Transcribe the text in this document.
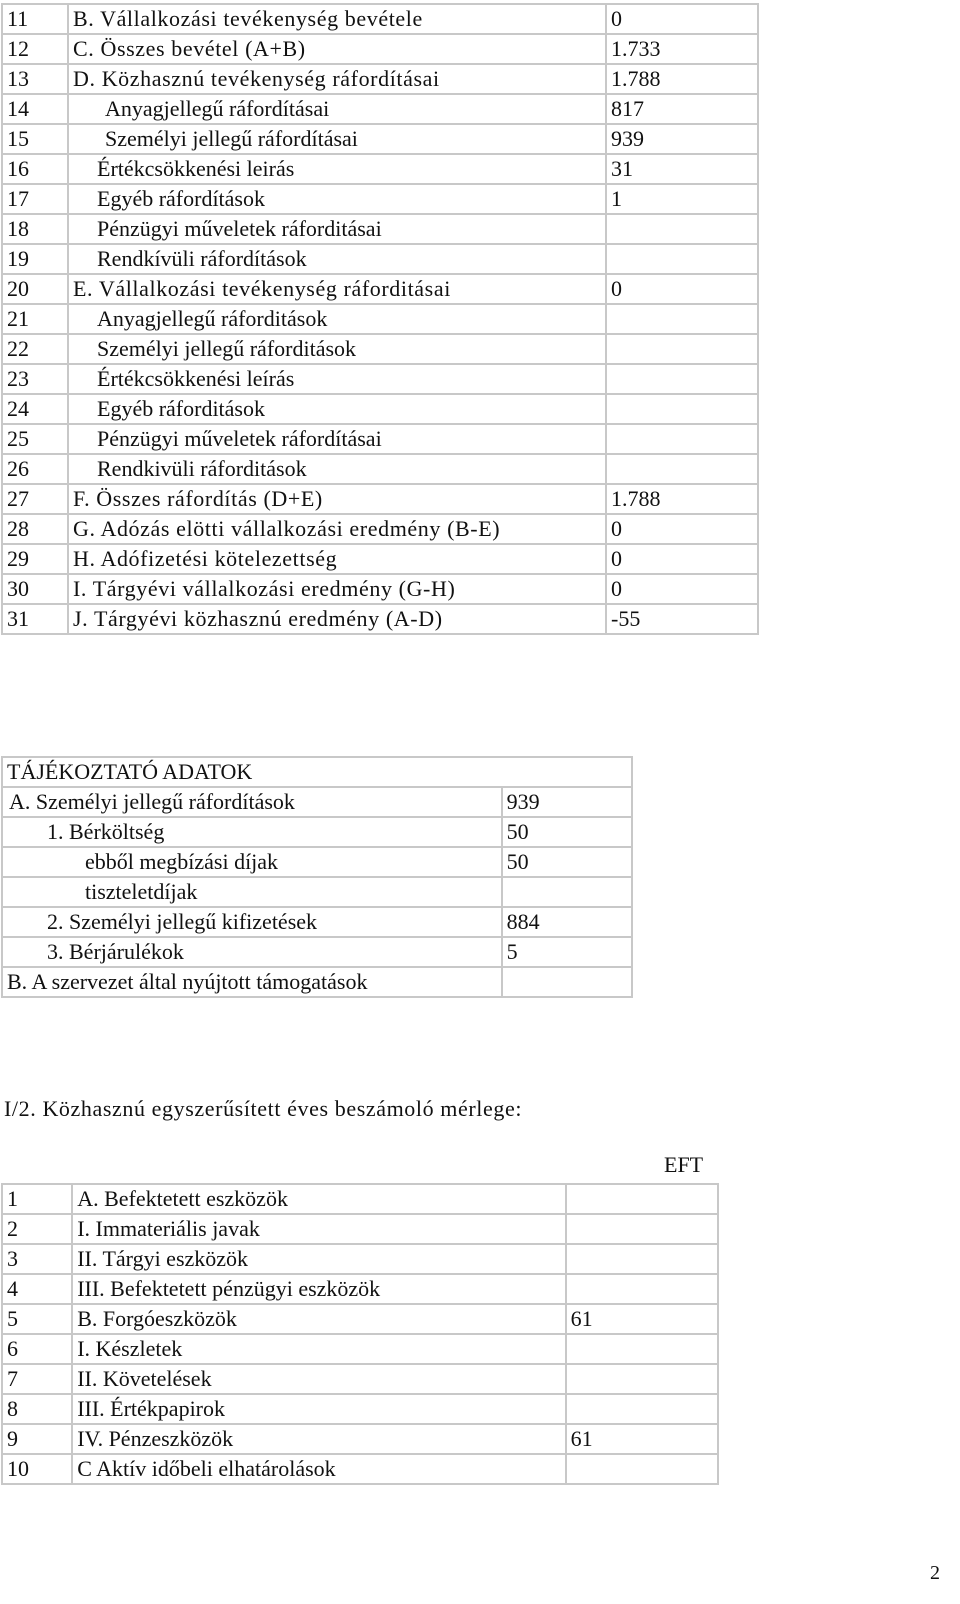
11	B. Vállalkozási tevékenység bevétele	0
12	C. Összes bevétel (A+B)	1.733
13	D. Közhasznú tevékenység ráfordításai	1.788
14	Anyagjellegű ráfordításai	817
15	Személyi jellegű ráfordításai	939
16	Értékcsökkenési leirás	31
17	Egyéb ráfordítások	1
18	Pénzügyi műveletek ráforditásai	
19	Rendkívüli ráfordítások	
20	E. Vállalkozási tevékenység ráforditásai	0
21	Anyagjellegű ráforditások	
22	Személyi jellegű ráforditások	
23	Értékcsökkenési leírás	
24	Egyéb ráforditások	
25	Pénzügyi műveletek ráfordításai	
26	Rendkivüli ráforditások	
27	F. Összes ráfordítás (D+E)	1.788
28	G. Adózás elötti vállalkozási eredmény (B-E)	0
29	H. Adófizetési kötelezettség	0
30	I. Tárgyévi vállalkozási eredmény (G-H)	0
31	J. Tárgyévi közhasznú eredmény (A-D)	-55
TÁJÉKOZTATÓ ADATOK	
A. Személyi jellegű ráfordítások	939
1. Bérköltség	50
ebből megbízási díjak	50
tiszteletdíjak	
2. Személyi jellegű kifizetések	884
3. Bérjárulékok	5
B. A szervezet által nyújtott támogatások	
I/2. Közhasznú egyszerűsített éves beszámoló mérlege:
EFT
1	A. Befektetett eszközök	
2	I. Immateriális javak	
3	II. Tárgyi eszközök	
4	III. Befektetett pénzügyi eszközök	
5	B. Forgóeszközök	61
6	I. Készletek	
7	II. Követelések	
8	III. Értékpapirok	
9	IV. Pénzeszközök	61
10	C Aktív időbeli elhatárolások	
2
